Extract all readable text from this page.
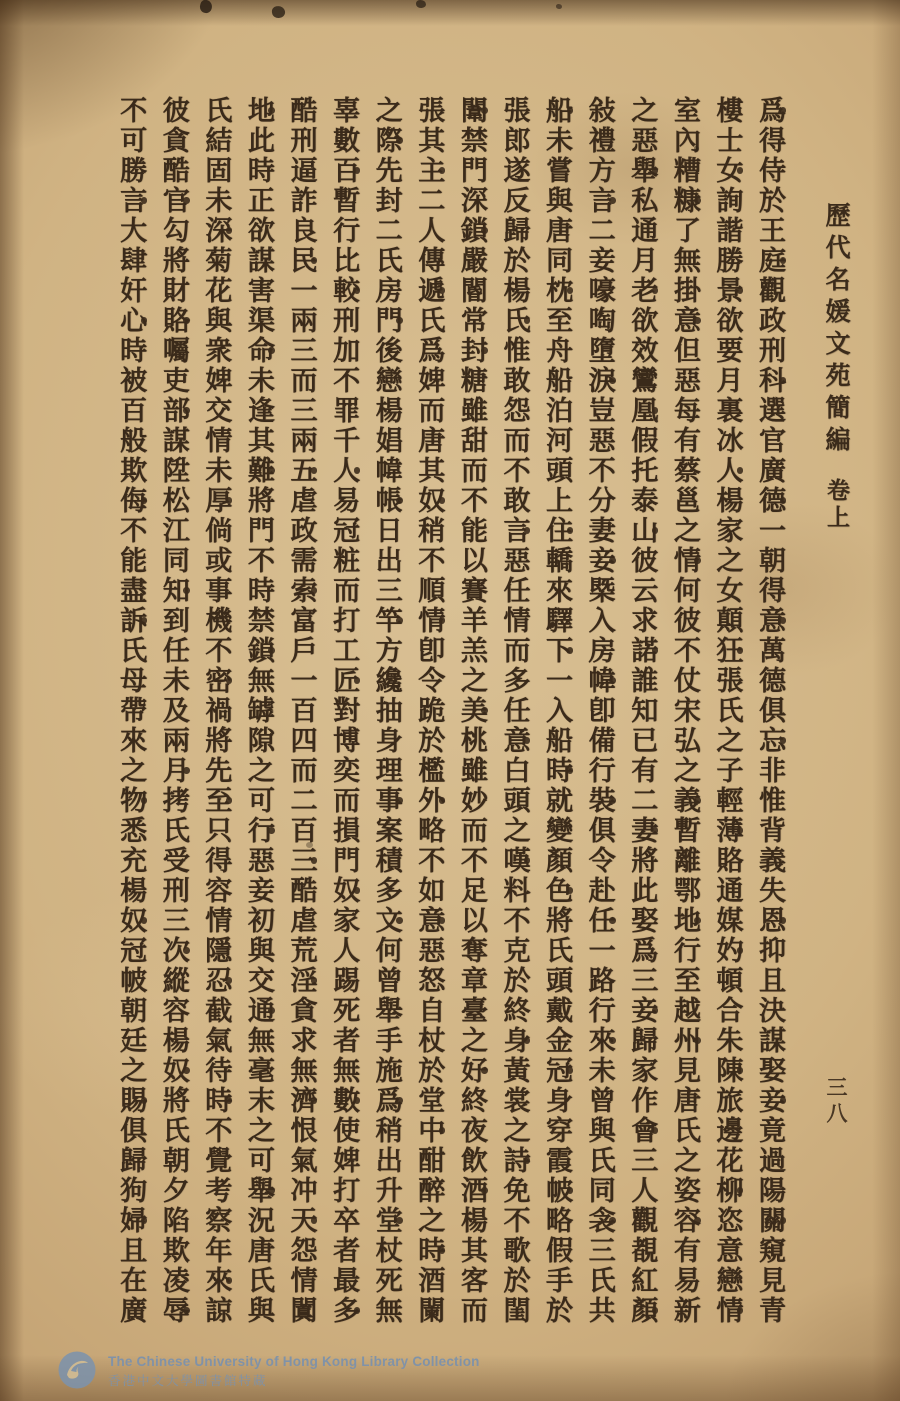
歷代名媛文苑簡編卷上
三八
爲得侍於王庭觀政刑科選官廣德一朝得意萬德俱忘非惟背義失恩抑且決謀娶妾竟過陽關窺見青
樓士女詢諧勝景欲要月裏冰人楊家之女顛狂張氏之子輕薄賂通媒妁頓合朱陳旅邊花柳恣意戀情
室內糟糠了無掛意但惡每有蔡邕之情何彼不仗宋弘之義暫離鄂地行至越州見唐氏之姿容有易新
之惡舉私通月老欲效鸞凰假托泰山彼云求諾誰知已有二妻將此娶爲三妾歸家作會三人觀覩紅顏
敍禮方言二妾嚎啕墮淚豈惡不分妻妾槩入房幃卽備行裝俱令赴任一路行來未曾與氏同衾三氏共
船未嘗與唐同枕至舟船泊河頭上住轎來驛下一入船時就變顏色將氏頭戴金冠身穿霞帔略假手於
張郎遂反歸於楊氏惟敢怨而不敢言惡任情而多任意白頭之嘆料不克於終身黃裳之詩免不歌於閨
闈禁門深鎖嚴閽常封糖雖甜而不能以賽羊羔之美桃雖妙而不足以奪章臺之好終夜飲酒楊其客而
張其主二人傳遞氏爲婢而唐其奴稍不順情卽令跪於檻外略不如意惡怒自杖於堂中酣醉之時酒闌
之際先封二氏房門後戀楊娼幃帳日出三竿方纔抽身理事案積多文何曾舉手施爲稍出升堂杖死無
辜數百暫行比較刑加不罪千人易冠粧而打工匠對博奕而損門奴家人踢死者無數使婢打卒者最多
酷刑逼詐良民一兩三而三兩五虐政需索富戶一百四而二百三酷虐荒淫貪求無濟恨氣冲天怨情闐
地此時正欲謀害渠命未逢其難將門不時禁鎖無罅隙之可行惡妾初與交通無毫末之可舉況唐氏與
氏結固未深菊花與衆婢交情未厚倘或事機不密禍將先至只得容情隱忍截氣待時不覺考察年來諒
彼貪酷官勾將財賂囑吏部謀陞松江同知到任未及兩月拷氏受刑三次縱容楊奴將氏朝夕陷欺凌辱
不可勝言大肆奸心時被百般欺侮不能盡訴氏母帶來之物悉充楊奴冠帔朝廷之賜俱歸狗婦且在廣
The Chinese University of Hong Kong Library Collection
香港中文大學圖書館特藏
